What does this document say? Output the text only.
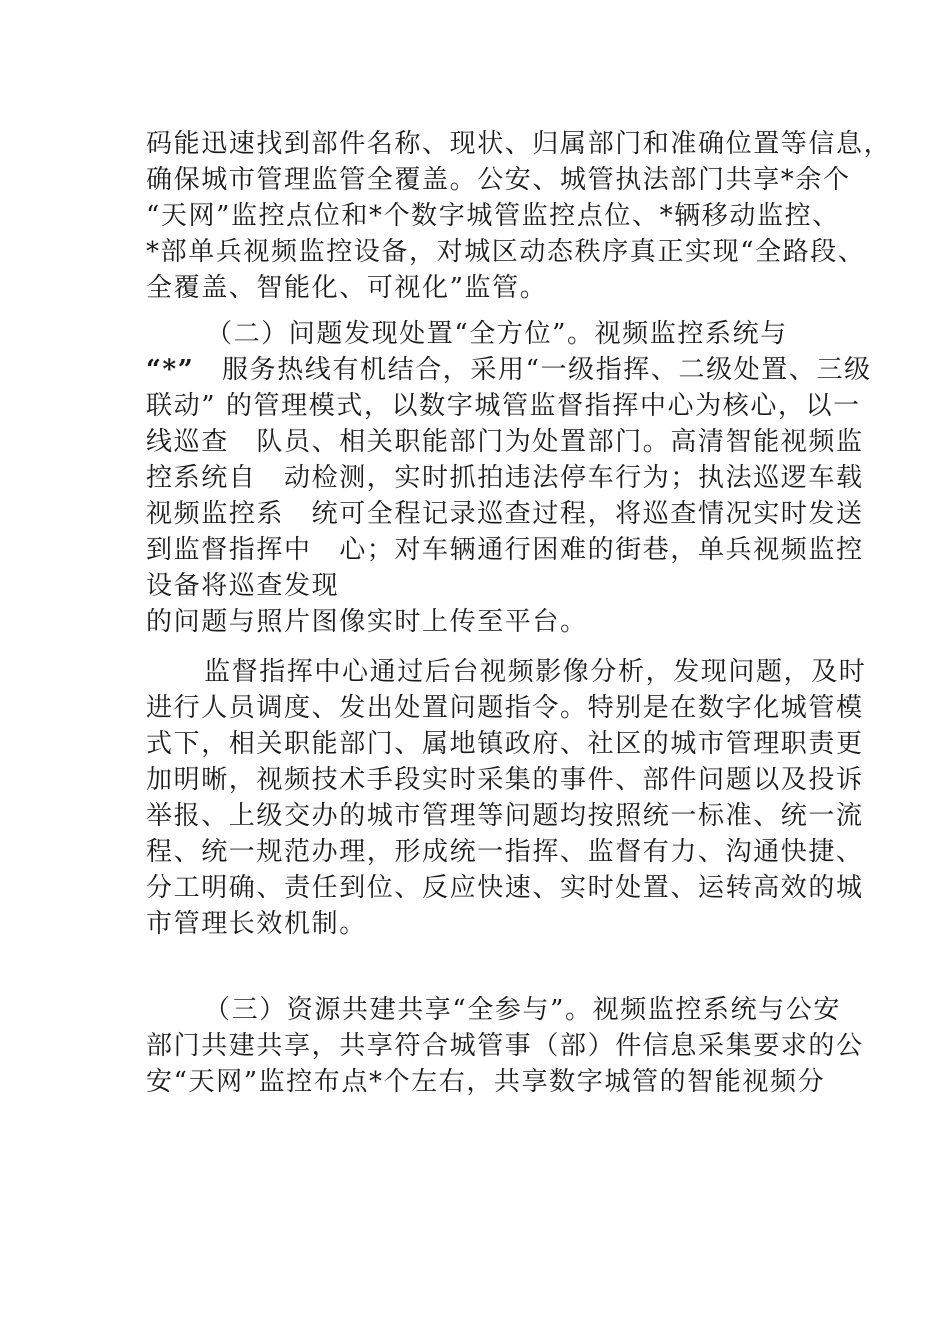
码能迅速找到部件名称、现状、归属部门和准确位置等信息，
确保城市管理监管全覆盖。公安、城管执法部门共享*余个
“天网”监控点位和*个数字城管监控点位、*辆移动监控、
*部单兵视频监控设备，对城区动态秩序真正实现“全路段、
全覆盖、智能化、可视化”监管。
（二）问题发现处置“全方位”。视频监控系统与
“*” 服务热线有机结合，采用“一级指挥、二级处置、三级
联动” 的管理模式，以数字城管监督指挥中心为核心，以一
线巡查　队员、相关职能部门为处置部门。高清智能视频监
控系统自　动检测，实时抓拍违法停车行为；执法巡逻车载
视频监控系　统可全程记录巡查过程，将巡查情况实时发送
到监督指挥中　心；对车辆通行困难的街巷，单兵视频监控
设备将巡查发现
的问题与照片图像实时上传至平台。
监督指挥中心通过后台视频影像分析，发现问题，及时
进行人员调度、发出处置问题指令。特别是在数字化城管模
式下，相关职能部门、属地镇政府、社区的城市管理职责更
加明晰，视频技术手段实时采集的事件、部件问题以及投诉
举报、上级交办的城市管理等问题均按照统一标准、统一流
程、统一规范办理，形成统一指挥、监督有力、沟通快捷、
分工明确、责任到位、反应快速、实时处置、运转高效的城
市管理长效机制。
（三）资源共建共享“全参与”。视频监控系统与公安
部门共建共享，共享符合城管事（部）件信息采集要求的公
安“天网”监控布点*个左右，共享数字城管的智能视频分
